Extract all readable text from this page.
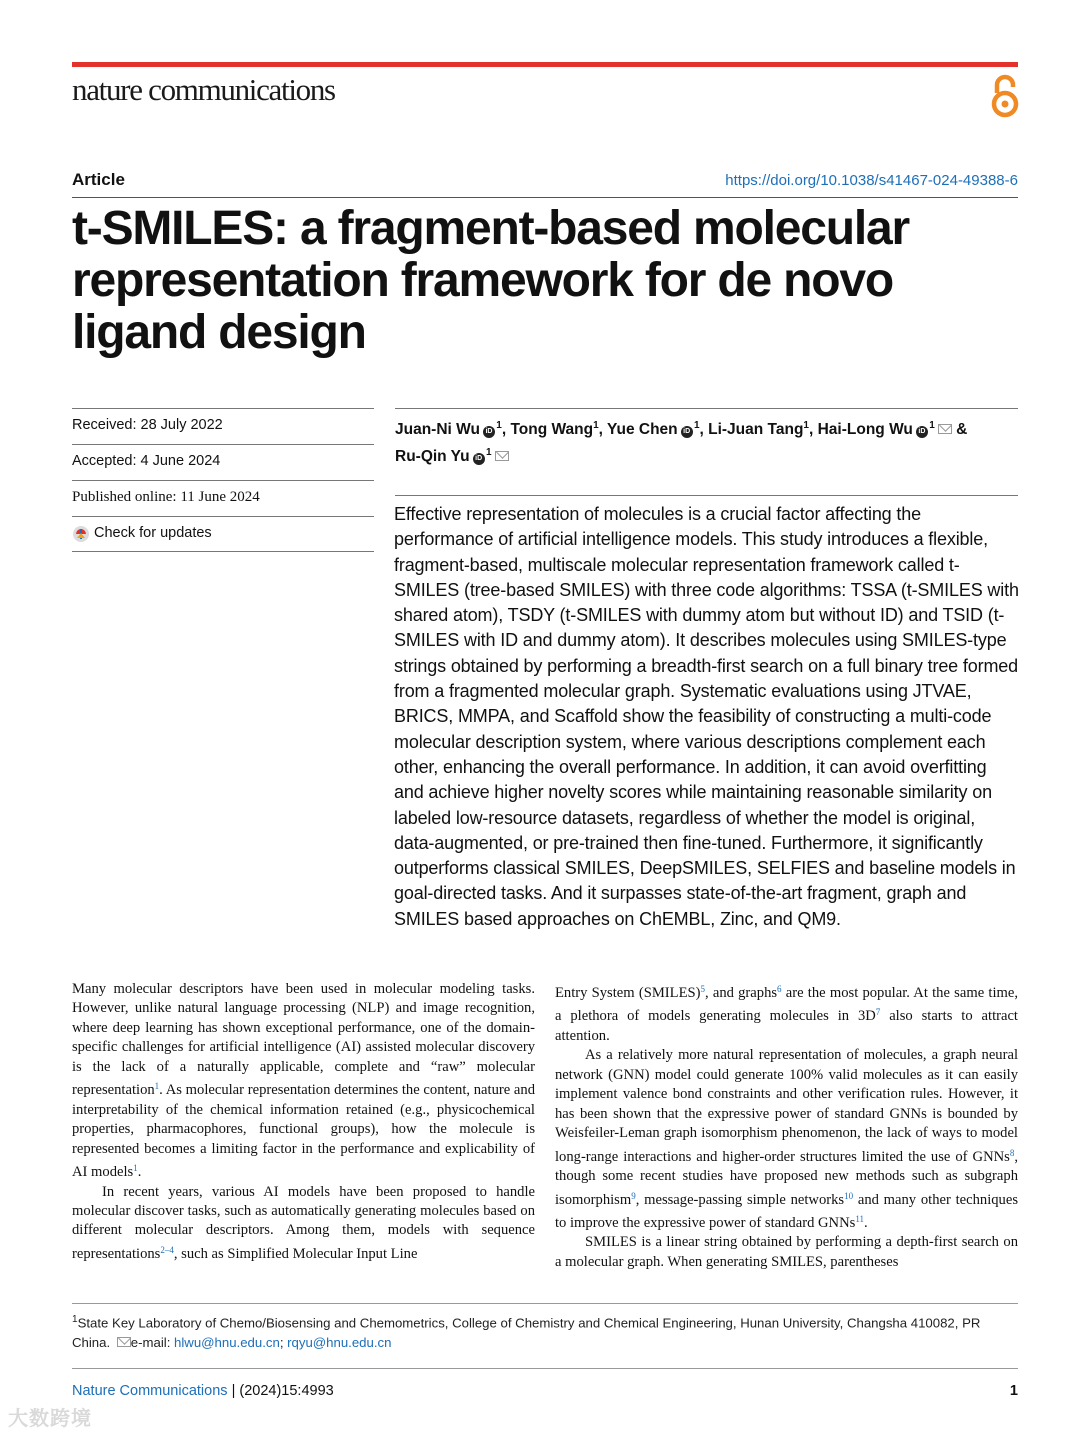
nature communications
Article	https://doi.org/10.1038/s41467-024-49388-6
t-SMILES: a fragment-based molecular representation framework for de novo ligand design
Received: 28 July 2022
Accepted: 4 June 2024
Published online: 11 June 2024
Check for updates
Juan-Ni Wu iD $^1$, Tong Wang$^1$, Yue Chen iD $^1$, Li-Juan Tang$^1$, Hai-Long Wu iD $^1$ &
Ru-Qin Yu iD $^1$

Effective representation of molecules is a crucial factor affecting the performance of artificial intelligence models. This study introduces a flexible, fragment-based, multiscale molecular representation framework called t-SMILES (tree-based SMILES) with three code algorithms: TSSA (t-SMILES with shared atom), TSDY (t-SMILES with dummy atom but without ID) and TSID (t-SMILES with ID and dummy atom). It describes molecules using SMILES-type strings obtained by performing a breadth-first search on a full binary tree formed from a fragmented molecular graph. Systematic evaluations using JTVAE, BRICS, MMPA, and Scaffold show the feasibility of constructing a multi-code molecular description system, where various descriptions complement each other, enhancing the overall performance. In addition, it can avoid overfitting and achieve higher novelty scores while maintaining reasonable similarity on labeled low-resource datasets, regardless of whether the model is original, data-augmented, or pre-trained then fine-tuned. Furthermore, it significantly outperforms classical SMILES, DeepSMILES, SELFIES and baseline models in goal-directed tasks. And it surpasses state-of-the-art fragment, graph and SMILES based approaches on ChEMBL, Zinc, and QM9.

Many molecular descriptors have been used in molecular modeling tasks. However, unlike natural language processing (NLP) and image recognition, where deep learning has shown exceptional performance, one of the domain-specific challenges for artificial intelligence (AI) assisted molecular discovery is the lack of a naturally applicable, complete and “raw” molecular representation$^1$. As molecular representation determines the content, nature and interpretability of the chemical information retained (e.g., physicochemical properties, pharmacophores, functional groups), how the molecule is represented becomes a limiting factor in the performance and explicability of AI models$^1$.

In recent years, various AI models have been proposed to handle molecular discover tasks, such as automatically generating molecules based on different molecular descriptors. Among them, models with sequence representations$^{2-4}$, such as Simplified Molecular Input Line

Entry System (SMILES)$^5$, and graphs$^6$ are the most popular. At the same time, a plethora of models generating molecules in 3D$^7$ also starts to attract attention.

As a relatively more natural representation of molecules, a graph neural network (GNN) model could generate 100% valid molecules as it can easily implement valence bond constraints and other verification rules. However, it has been shown that the expressive power of standard GNNs is bounded by Weisfeiler-Leman graph isomorphism phenomenon, the lack of ways to model long-range interactions and higher-order structures limited the use of GNNs$^8$, though some recent studies have proposed new methods such as subgraph isomorphism$^9$, message-passing simple networks$^{10}$ and many other techniques to improve the expressive power of standard GNNs$^{11}$.

SMILES is a linear string obtained by performing a depth-first search on a molecular graph. When generating SMILES, parentheses

$^1$State Key Laboratory of Chemo/Biosensing and Chemometrics, College of Chemistry and Chemical Engineering, Hunan University, Changsha 410082, PR China. e-mail: hlwu@hnu.edu.cn; rqyu@hnu.edu.cn
Nature Communications | (2024)15:4993	1
大数跨境
